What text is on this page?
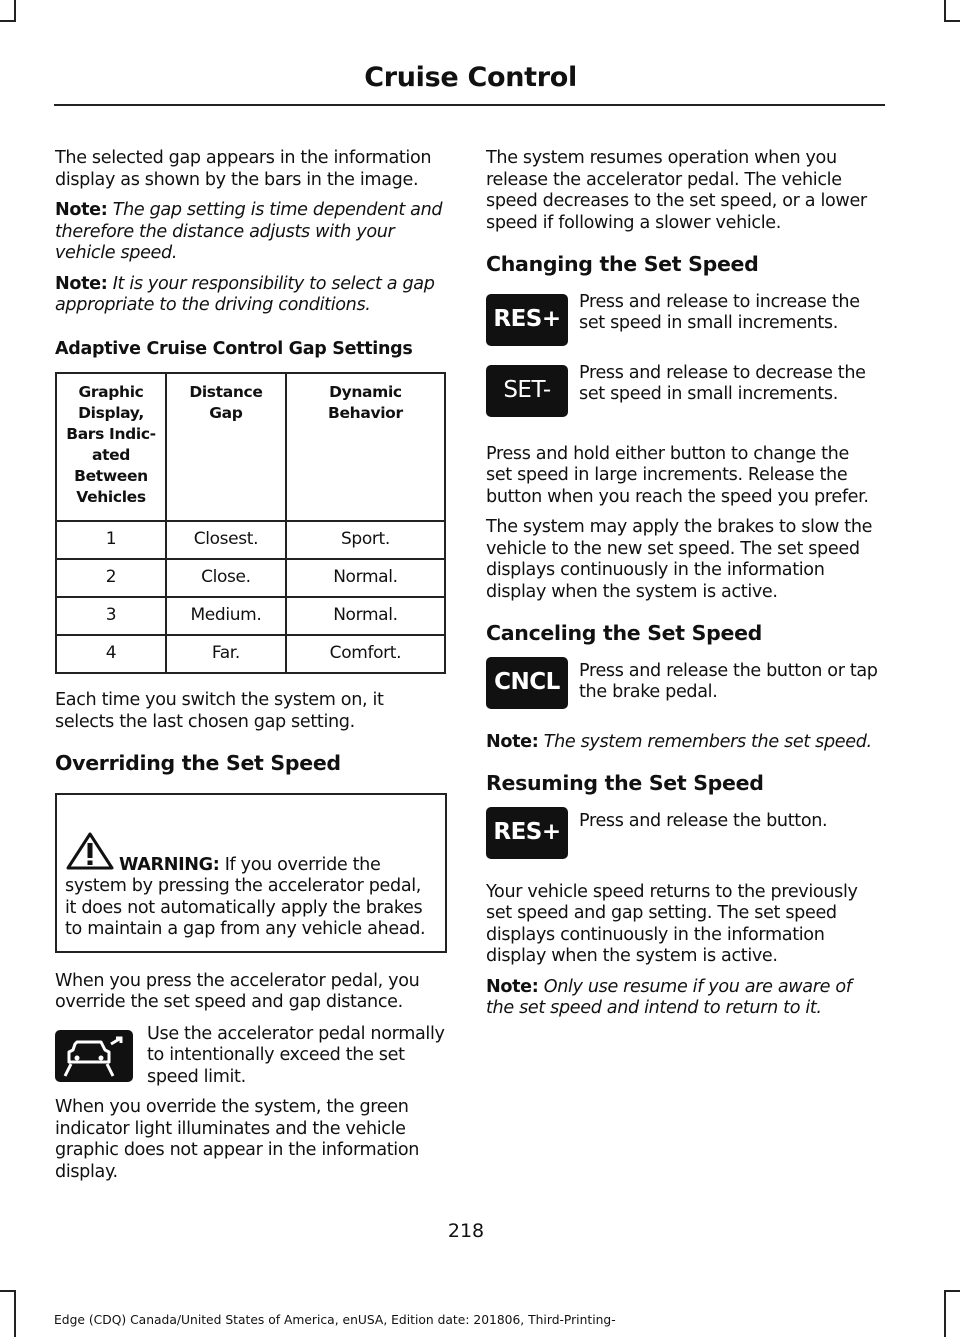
Cruise Control

The selected gap appears in the information display as shown by the bars in the image.

Note: The gap setting is time dependent and therefore the distance adjusts with your vehicle speed.

Note: It is your responsibility to select a gap appropriate to the driving conditions.

Adaptive Cruise Control Gap Settings
Graphic Display, Bars Indic-ated Between Vehicles	Distance Gap	Dynamic Behavior
1	Closest.	Sport.
2	Close.	Normal.
3	Medium.	Normal.
4	Far.	Comfort.

Each time you switch the system on, it selects the last chosen gap setting.

Overriding the Set Speed

WARNING: If you override the system by pressing the accelerator pedal, it does not automatically apply the brakes to maintain a gap from any vehicle ahead.

When you press the accelerator pedal, you override the set speed and gap distance.

Use the accelerator pedal normally to intentionally exceed the set speed limit.

When you override the system, the green indicator light illuminates and the vehicle graphic does not appear in the information display.

The system resumes operation when you release the accelerator pedal. The vehicle speed decreases to the set speed, or a lower speed if following a slower vehicle.

Changing the Set Speed
RES+

Press and release to increase the set speed in small increments.

SET-

Press and release to decrease the set speed in small increments.

Press and hold either button to change the set speed in large increments. Release the button when you reach the speed you prefer.

The system may apply the brakes to slow the vehicle to the new set speed. The set speed displays continuously in the information display when the system is active.

Canceling the Set Speed
CNCL	Press and release the button or tap the brake pedal.

Note: The system remembers the set speed.

Resuming the Set Speed
RES+	Press and release the button.

Your vehicle speed returns to the previously set speed and gap setting. The set speed displays continuously in the information display when the system is active.

Note: Only use resume if you are aware of the set speed and intend to return to it.

218
Edge (CDQ) Canada/United States of America, enUSA, Edition date: 201806, Third-Printing-
